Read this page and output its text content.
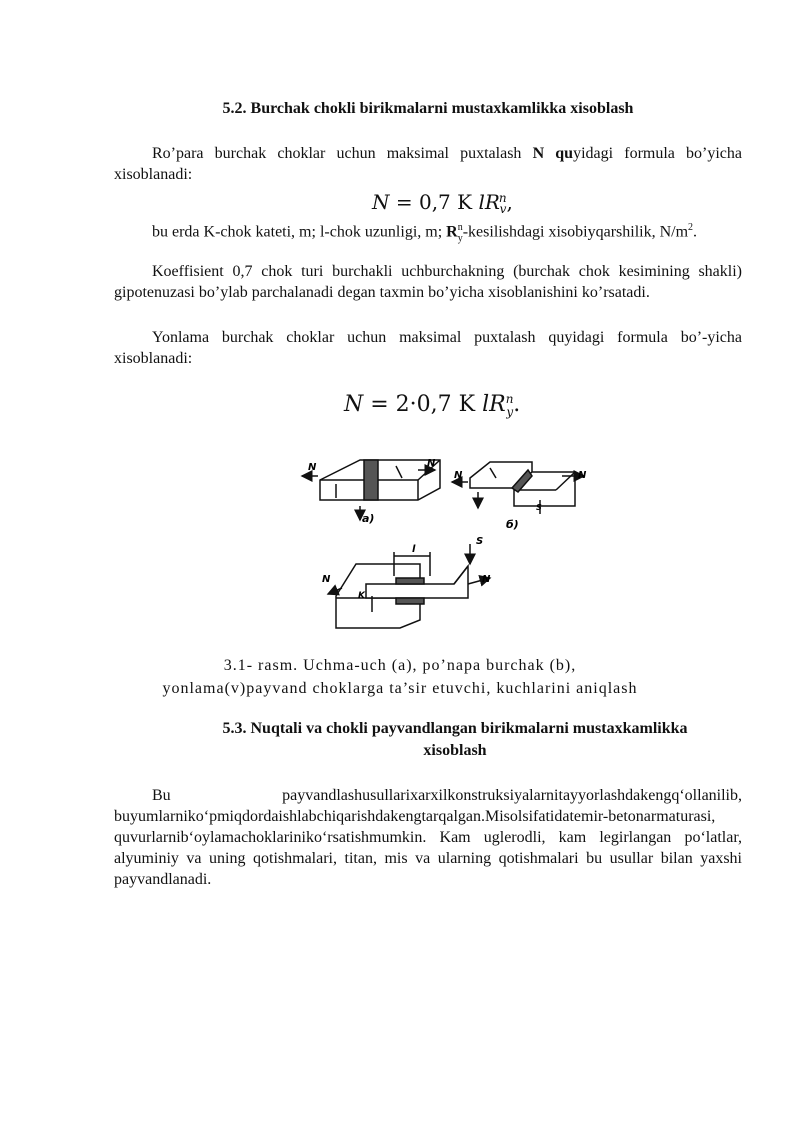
5.2. Burchak chokli birikmalarni mustaxkamlikka xisoblash

Ro’para burchak choklar uchun maksimal puxtalash N quyidagi formula bo’yicha xisoblanadi:

N = 0,7 K $lR^n_v$,

bu erda K-chok kateti, m; l-chok uzunligi, m; $R^n_y$-kesilishdagi xisobiyqarshilik, $N/m^2$.

Koeffisient 0,7 chok turi burchakli uchburchakning (burchak chok kesimining shakli) gipotenuzasi bo’ylab parchalanadi degan taxmin bo’yicha xisoblanishini ko’rsatadi.

Yonlama burchak choklar uchun maksimal puxtalash quyidagi formula bo’-yicha xisoblanadi:

N = 2·0,7 K $lR^n_y$.
N	N
a)
N	N
S
б)
l
S
N	N
K
3.1- rasm. Uchma-uch (a), po’napa burchak (b),
yonlama(v)payvand choklarga ta’sir etuvchi, kuchlarini aniqlash
5.3. Nuqtali va chokli payvandlangan birikmalarni mustaxkamlikka
xisoblash

Bu payvandlashusullarixarxilkonstruksiyalarnitayyorlashdakengq‘ollanilib, buyumlarniko‘pmiqdordaishlabchiqarishdakengtarqalgan.Misolsifatidatemir-betonarmaturasi, quvurlarnib‘oylamachoklariniko‘rsatishmumkin. Kam uglerodli, kam legirlangan po‘latlar, alyuminiy va uning qotishmalari, titan, mis va ularning qotishmalari bu usullar bilan yaxshi payvandlanadi.
